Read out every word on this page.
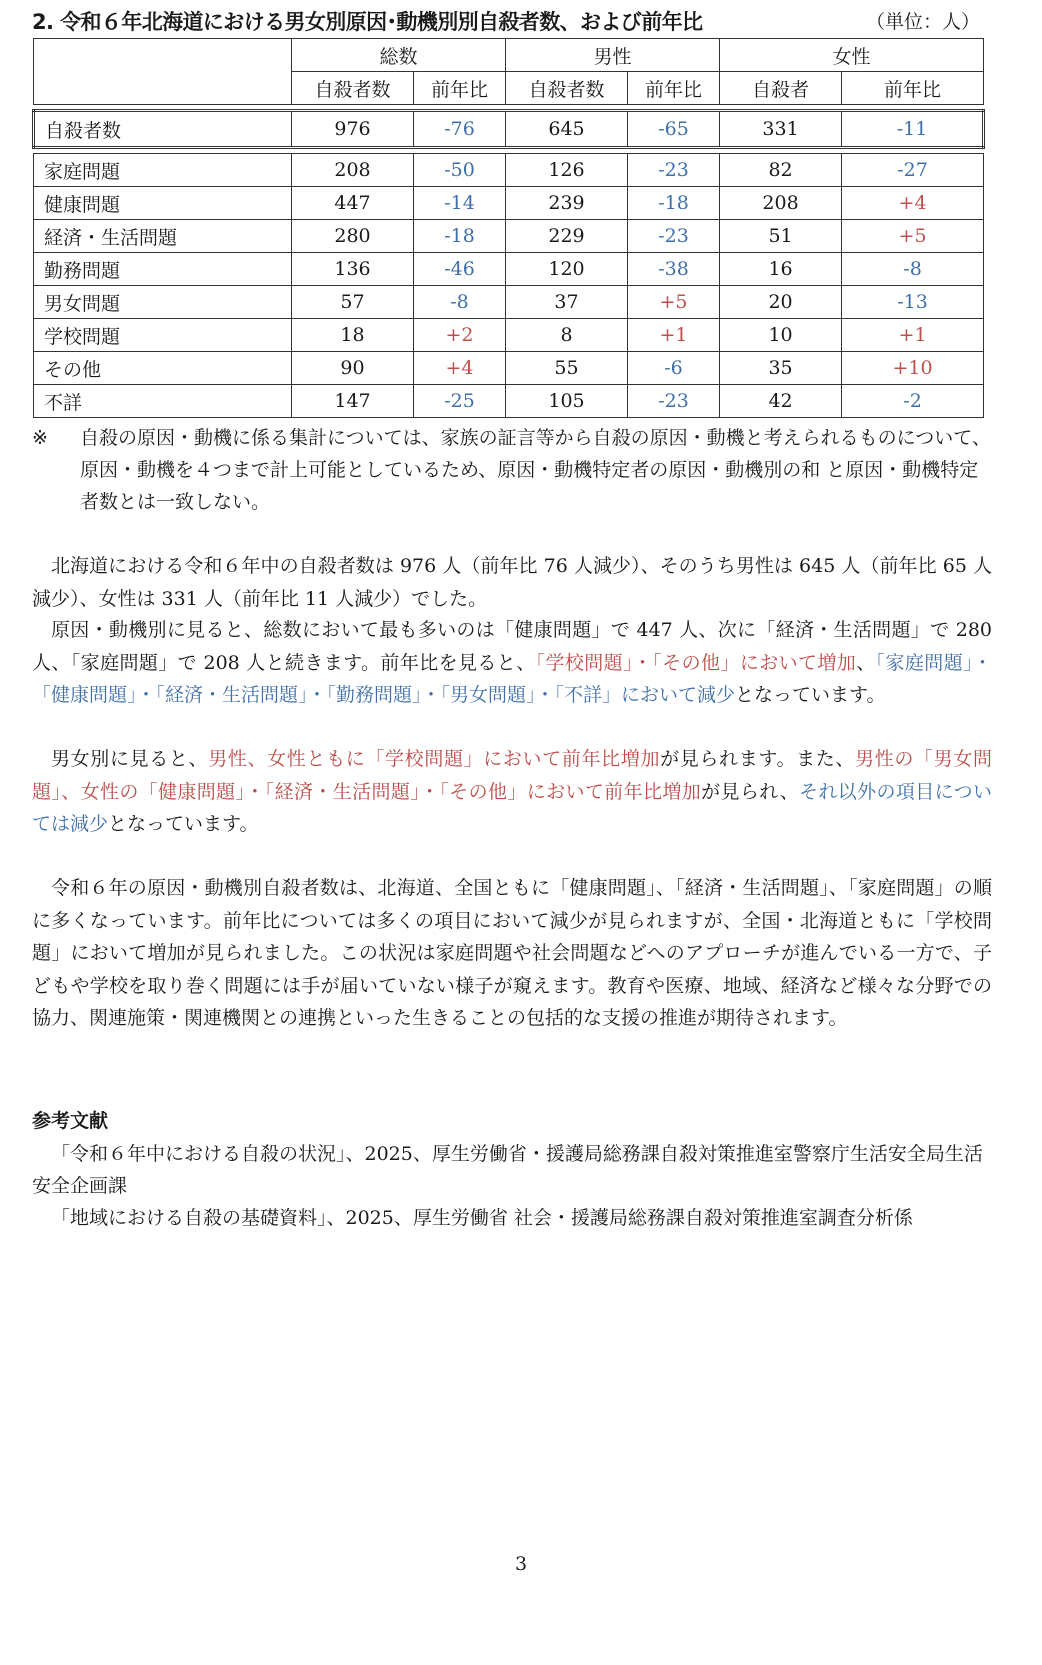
2. 令和６年北海道における男女別原因･動機別別自殺者数、および前年比	（単位：人）
	総数		男性		女性	
	自殺者数	前年比	自殺者数	前年比	自殺者	前年比

自殺者数	976	-76	645	-65	331	-11

家庭問題	208	-50	126	-23	82	-27
健康問題	447	-14	239	-18	208	+4
経済・生活問題	280	-18	229	-23	51	+5
勤務問題	136	-46	120	-38	16	-8
男女問題	57	-8	37	+5	20	-13
学校問題	18	+2	8	+1	10	+1
その他	90	+4	55	-6	35	+10
不詳	147	-25	105	-23	42	-2
※ 自殺の原因・動機に係る集計については、家族の証言等から自殺の原因・動機と考えられるものについて、原因・動機を４つまで計上可能としているため、原因・動機特定者の原因・動機別の和 と原因・動機特定者数とは一致しない。
北海道における令和６年中の自殺者数は 976 人（前年比 76 人減少）、そのうち男性は 645 人（前年比 65 人減少）、女性は 331 人（前年比 11 人減少）でした。
原因・動機別に見ると、総数において最も多いのは「健康問題」で 447 人、次に「経済・生活問題」で 280 人、「家庭問題」で 208 人と続きます。前年比を見ると、「学校問題」・「その他」において増加、「家庭問題」・「健康問題」・「経済・生活問題」・「勤務問題」・「男女問題」・「不詳」において減少となっています。
男女別に見ると、男性、女性ともに「学校問題」において前年比増加が見られます。また、男性の「男女問題」、女性の「健康問題」・「経済・生活問題」・「その他」において前年比増加が見られ、それ以外の項目については減少となっています。
令和６年の原因・動機別自殺者数は、北海道、全国ともに「健康問題」、「経済・生活問題」、「家庭問題」の順に多くなっています。前年比については多くの項目において減少が見られますが、全国・北海道ともに「学校問題」において増加が見られました。この状況は家庭問題や社会問題などへのアプローチが進んでいる一方で、子どもや学校を取り巻く問題には手が届いていない様子が窺えます。教育や医療、地域、経済など様々な分野での協力、関連施策・関連機関との連携といった生きることの包括的な支援の推進が期待されます。
参考文献
「令和６年中における自殺の状況」、2025、厚生労働省・援護局総務課自殺対策推進室警察庁生活安全局生活安全企画課
「地域における自殺の基礎資料」、2025、厚生労働省 社会・援護局総務課自殺対策推進室調査分析係
3
